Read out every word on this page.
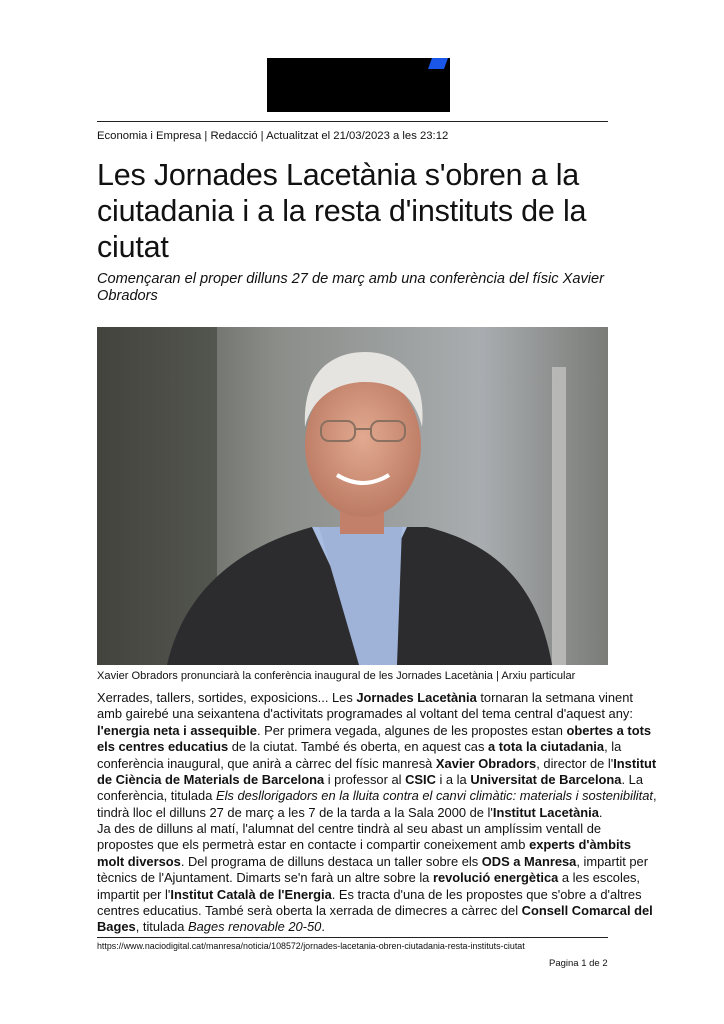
Economia i Empresa | Redacció | Actualitzat el 21/03/2023 a les 23:12
Les Jornades Lacetània s'obren a la ciutadania i a la resta d'instituts de la ciutat
Començaran el proper dilluns 27 de març amb una conferència del físic Xavier Obradors
Xavier Obradors pronunciarà la conferència inaugural de les Jornades Lacetània | Arxiu particular
Xerrades, tallers, sortides, exposicions... Les Jornades Lacetània tornaran la setmana vinent amb gairebé una seixantena d'activitats programades al voltant del tema central d'aquest any: l'energia neta i assequible. Per primera vegada, algunes de les propostes estan obertes a tots els centres educatius de la ciutat. També és oberta, en aquest cas a tota la ciutadania, la conferència inaugural, que anirà a càrrec del físic manresà Xavier Obradors, director de l'Institut de Ciència de Materials de Barcelona i professor al CSIC i a la Universitat de Barcelona. La conferència, titulada Els desllorigadors en la lluita contra el canvi climàtic: materials i sostenibilitat, tindrà lloc el dilluns 27 de març a les 7 de la tarda a la Sala 2000 de l'Institut Lacetània.
Ja des de dilluns al matí, l'alumnat del centre tindrà al seu abast un amplíssim ventall de propostes que els permetrà estar en contacte i compartir coneixement amb experts d'àmbits molt diversos. Del programa de dilluns destaca un taller sobre els ODS a Manresa, impartit per tècnics de l'Ajuntament. Dimarts se'n farà un altre sobre la revolució energètica a les escoles, impartit per l'Institut Català de l'Energia. Es tracta d'una de les propostes que s'obre a d'altres centres educatius. També serà oberta la xerrada de dimecres a càrrec del Consell Comarcal del Bages, titulada Bages renovable 20-50.
https://www.naciodigital.cat/manresa/noticia/108572/jornades-lacetania-obren-ciutadania-resta-instituts-ciutat
Pagina 1 de 2
